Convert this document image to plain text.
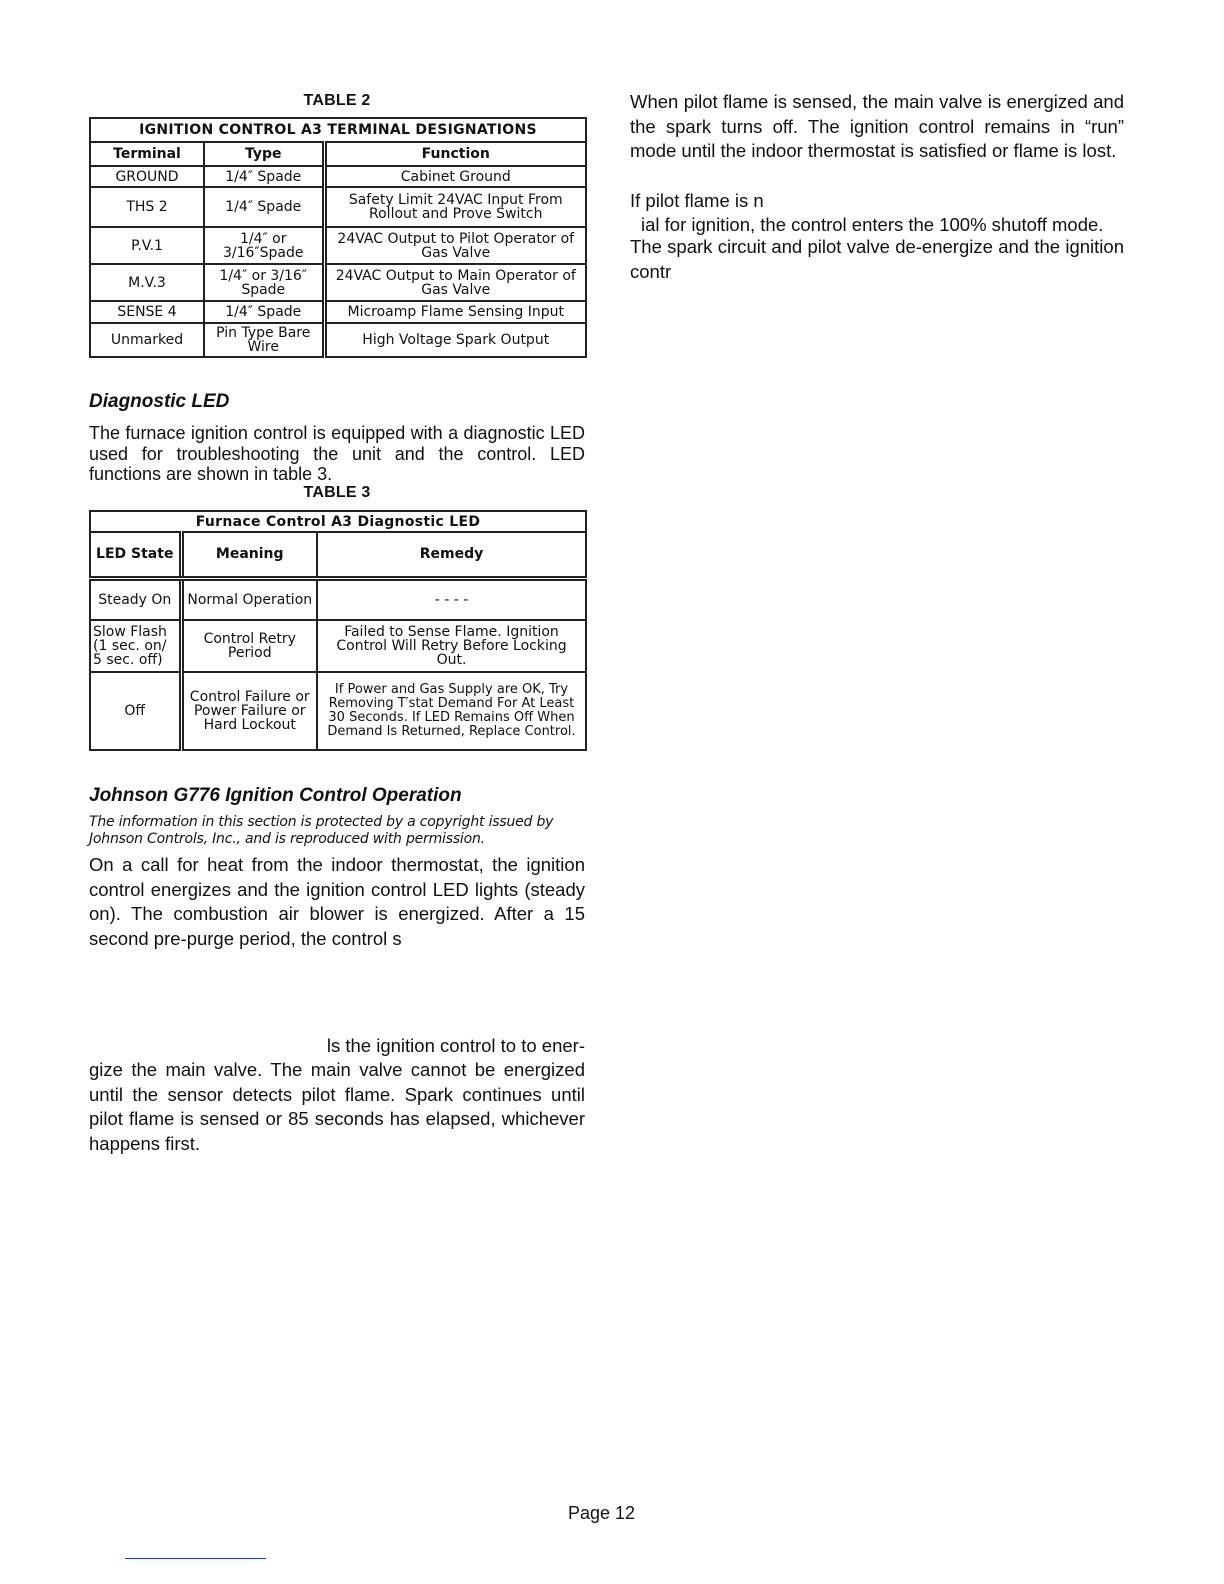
TABLE 2
IGNITION CONTROL A3 TERMINAL DESIGNATIONS		
Terminal	Type	Function
GROUND	1/4″ Spade	Cabinet Ground
THS 2	1/4″ Spade	Safety Limit 24VAC Input From Rollout and Prove Switch
P.V.1	1/4″ or 3/16″Spade	24VAC Output to Pilot Operator of Gas Valve
M.V.3	1/4″ or 3/16″ Spade	24VAC Output to Main Operator of Gas Valve
SENSE 4	1/4″ Spade	Microamp Flame Sensing Input
Unmarked	Pin Type Bare Wire	High Voltage Spark Output
Diagnostic LED
The furnace ignition control is equipped with a diagnostic LED used for troubleshooting the unit and the control. LED functions are shown in table 3.
TABLE 3
Furnace Control A3 Diagnostic LED		
LED State	Meaning	Remedy
Steady On	Normal Operation	- - - -
Slow Flash (1 sec. on/ 5 sec. off)	Control Retry Period	Failed to Sense Flame. Ignition Control Will Retry Before Locking Out.
Off	Control Failure or Power Failure or Hard Lockout	If Power and Gas Supply are OK, Try Removing T′stat Demand For At Least 30 Seconds. If LED Remains Off When Demand Is Returned, Replace Control.
Johnson G776 Ignition Control Operation
The information in this section is protected by a copyright issued by Johnson Controls, Inc., and is reproduced with permission.
On a call for heat from the indoor thermostat, the ignition control energizes and the ignition control LED lights (steady on). The combustion air blower is energized. After a 15 second pre-purge period, the control s
ls the ignition control to to ener-
gize the main valve. The main valve cannot be energized until the sensor detects pilot flame. Spark continues until pilot flame is sensed or 85 seconds has elapsed, whichever happens first.
When pilot flame is sensed, the main valve is energized and the spark turns off. The ignition control remains in “run” mode until the indoor thermostat is satisfied or flame is lost.
If pilot flame is n
ial for ignition, the control enters the 100% shutoff mode.
The spark circuit and pilot valve de-energize and the ignition contr
Page 12
